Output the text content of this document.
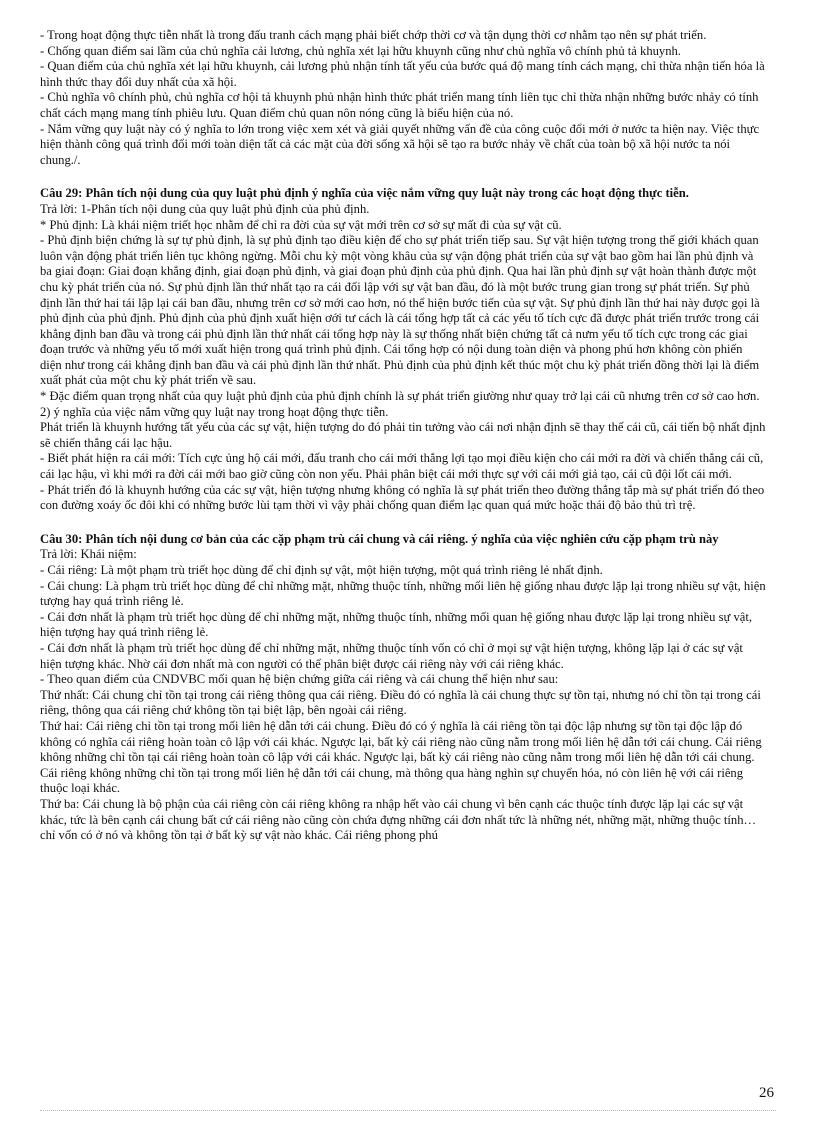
- Trong hoạt động thực tiễn nhất là trong đấu tranh cách mạng phải biết chớp thời cơ và tận dụng thời cơ nhằm tạo nên sự phát triển.

- Chống quan điểm sai lầm của chủ nghĩa cải lương, chủ nghĩa xét lại hữu khuynh cũng như chủ nghĩa vô chính phủ tả khuynh.

- Quan điểm của chủ nghĩa xét lại hữu khuynh, cải lương phủ nhận tính tất yếu của bước quá độ mang tính cách mạng, chỉ thừa nhận tiến hóa là hình thức thay đổi duy nhất của xã hội.

- Chủ nghĩa vô chính phủ, chủ nghĩa cơ hội tả khuynh phủ nhận hình thức phát triển mang tính liên tục chỉ thừa nhận những bước nhảy có tính chất cách mạng mang tính phiêu lưu. Quan điểm chủ quan nôn nóng cũng là biểu hiện của nó.

- Nắm vững quy luật này có ý nghĩa to lớn trong việc xem xét và giải quyết những vấn đề của công cuộc đổi mới ở nước ta hiện nay. Việc thực hiện thành công quá trình đổi mới toàn diện tất cả các mặt của đời sống xã hội sẽ tạo ra bước nhảy về chất của toàn bộ xã hội nước ta nói chung./.

Câu 29: Phân tích nội dung của quy luật phủ định ý nghĩa của việc nắm vững quy luật này trong các hoạt động thực tiễn.

Trả lời: 1-Phân tích nội dung của quy luật phủ định của phủ định.

* Phủ định: Là khái niệm triết học nhằm để chỉ ra đời của sự vật mới trên cơ sở sự mất đi của sự vật cũ.

- Phủ định biện chứng là sự tự phủ định, là sự phủ định tạo điều kiện để cho sự phát triển tiếp sau. Sự vật hiện tượng trong thế giới khách quan luôn vận động phát triển liên tục không ngừng. Mỗi chu kỳ một vòng khâu của sự vận động phát triển của sự vật bao gồm hai lần phủ định và ba giai đoạn: Giai đoạn khẳng định, giai đoạn phủ định, và giai đoạn phủ định của phủ định. Qua hai lần phủ định sự vật hoàn thành được một chu kỳ phát triển của nó. Sự phủ định lần thứ nhất tạo ra cái đối lập với sự vật ban đầu, đó là một bước trung gian trong sự phát triển. Sự phủ định lần thứ hai tái lập lại cái ban đầu, nhưng trên cơ sở mới cao hơn, nó thể hiện bước tiến của sự vật. Sự phủ định lần thứ hai này được gọi là phủ định của phủ định. Phủ định của phủ định xuất hiện ơới tư cách là cái tổng hợp tất cả các yếu tố tích cực đã được phát triển trước trong cái khẳng định ban đầu và trong cái phủ định lần thứ nhất cái tổng hợp này là sự thống nhất biện chứng tất cả nưm yếu tố tích cực trong các giai đoạn trước và những yếu tố mới xuất hiện trong quá trình phủ định. Cái tổng hợp có nội dung toàn diện và phong phú hơn không còn phiến diện như trong cái khẳng định ban đầu và cái phủ định lần thứ nhất. Phủ định của phủ định kết thúc một chu kỳ phát triển đồng thời lại là điểm xuất phát của một chu kỳ phát triển về sau.

* Đặc điểm quan trọng nhất của quy luật phủ định của phủ định chính là sự phát triển giường như quay trở lại cái cũ nhưng trên cơ sở cao hơn.

2) ý nghĩa của việc nắm vững quy luật nay trong hoạt động thực tiễn.

Phát triển là khuynh hướng tất yếu của các sự vật, hiện tượng do đó phải tin tưởng vào cái nơi nhận định sẽ thay thế cái cũ, cái tiến bộ nhất định sẽ chiến thắng cái lạc hậu.

- Biết phát hiện ra cái mới: Tích cực ủng hộ cái mới, đấu tranh cho cái mới thắng lợi tạo mọi điều kiện cho cái mới ra đời và chiến thắng cái cũ, cái lạc hậu, vì khi mới ra đời cái mới bao giờ cũng còn non yếu. Phải phân biệt cái mới thực sự với cái mới giả tạo, cái cũ đội lốt cái mới.

- Phát triển đó là khuynh hướng của các sự vật, hiện tượng nhưng không có nghĩa là sự phát triển theo đường thẳng tắp mà sự phát triển đó theo con đường xoáy ốc đôi khi có những bước lùi tạm thời vì vậy phải chống quan điểm lạc quan quá mức hoặc thái độ bảo thủ trì trệ.

Câu 30: Phân tích nội dung cơ bản của các cặp phạm trù cái chung và cái riêng. ý nghĩa của việc nghiên cứu cặp phạm trù này

Trả lời: Khái niệm:

- Cái riêng: Là một phạm trù triết học dùng để chỉ định sự vật, một hiện tượng, một quá trình riêng lẻ nhất định.

- Cái chung: Là phạm trù triết học dùng để chỉ những mặt, những thuộc tính, những mối liên hệ giống nhau được lặp lại trong nhiều sự vật, hiện tượng hay quá trình riêng lẻ.

- Cái đơn nhất là phạm trù triết học dùng để chỉ những mặt, những thuộc tính, những mối quan hệ giống nhau được lặp lại trong nhiều sự vật, hiện tượng hay quá trình riêng lẻ.

- Cái đơn nhất là phạm trù triết học dùng để chỉ những mặt, những thuộc tính vốn có chỉ ở mọi sự vật hiện tượng, không lặp lại ở các sự vật hiện tượng khác. Nhờ cái đơn nhất mà con người có thể phân biệt được cái riêng này với cái riêng khác.

- Theo quan điểm của CNDVBC mối quan hệ biện chứng giữa cái riêng và cái chung thể hiện như sau:

Thứ nhất: Cái chung chỉ tồn tại trong cái riêng thông qua cái riêng. Điều đó có nghĩa là cái chung thực sự tồn tại, nhưng nó chỉ tồn tại trong cái riêng, thông qua cái riêng chứ không tồn tại biệt lập, bên ngoài cái riêng.

Thứ hai: Cái riêng chỉ tồn tại trong mối liên hệ dẫn tới cái chung. Điều đó có ý nghĩa là cái riêng tồn tại độc lập nhưng sự tồn tại độc lập đó không có nghĩa cái riêng hoàn toàn cô lập với cái khác. Ngược lại, bất kỳ cái riêng nào cũng nằm trong mối liên hệ dẫn tới cái chung. Cái riêng không những chỉ tồn tại cái riêng hoàn toàn cô lập với cái khác. Ngược lại, bất kỳ cái riêng nào cũng nằm trong mối liên hệ dẫn tới cái chung. Cái riêng không những chỉ tồn tại trong mối liên hệ dẫn tới cái chung, mà thông qua hàng nghìn sự chuyển hóa, nó còn liên hệ với cái riêng thuộc loại khác.

Thứ ba: Cái chung là bộ phận của cái riêng còn cái riêng không ra nhập hết vào cái chung vì bên cạnh các thuộc tính được lặp lại các sự vật khác, tức là bên cạnh cái chung bất cứ cái riêng nào cũng còn chứa đựng những cái đơn nhất tức là những nét, những mặt, những thuộc tính… chỉ vốn có ở nó và không tồn tại ở bất kỳ sự vật nào khác. Cái riêng phong phú

26
